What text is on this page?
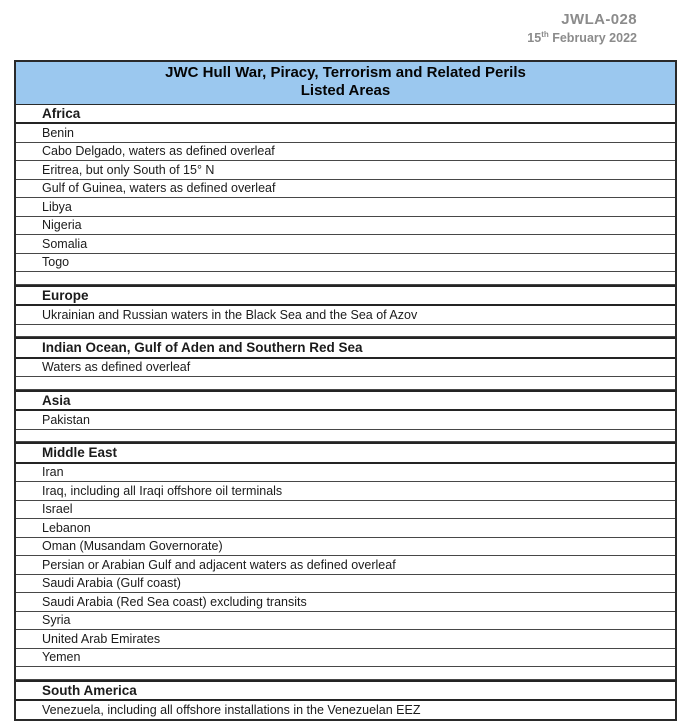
JWLA-028
15th February 2022
JWC Hull War, Piracy, Terrorism and Related Perils
Listed Areas
Africa
Benin
Cabo Delgado, waters as defined overleaf
Eritrea, but only South of 15° N
Gulf of Guinea, waters as defined overleaf
Libya
Nigeria
Somalia
Togo
Europe
Ukrainian and Russian waters in the Black Sea and the Sea of Azov
Indian Ocean, Gulf of Aden and Southern Red Sea
Waters as defined overleaf
Asia
Pakistan
Middle East
Iran
Iraq, including all Iraqi offshore oil terminals
Israel
Lebanon
Oman (Musandam Governorate)
Persian or Arabian Gulf and adjacent waters as defined overleaf
Saudi Arabia (Gulf coast)
Saudi Arabia (Red Sea coast) excluding transits
Syria
United Arab Emirates
Yemen
South America
Venezuela, including all offshore installations in the Venezuelan EEZ
